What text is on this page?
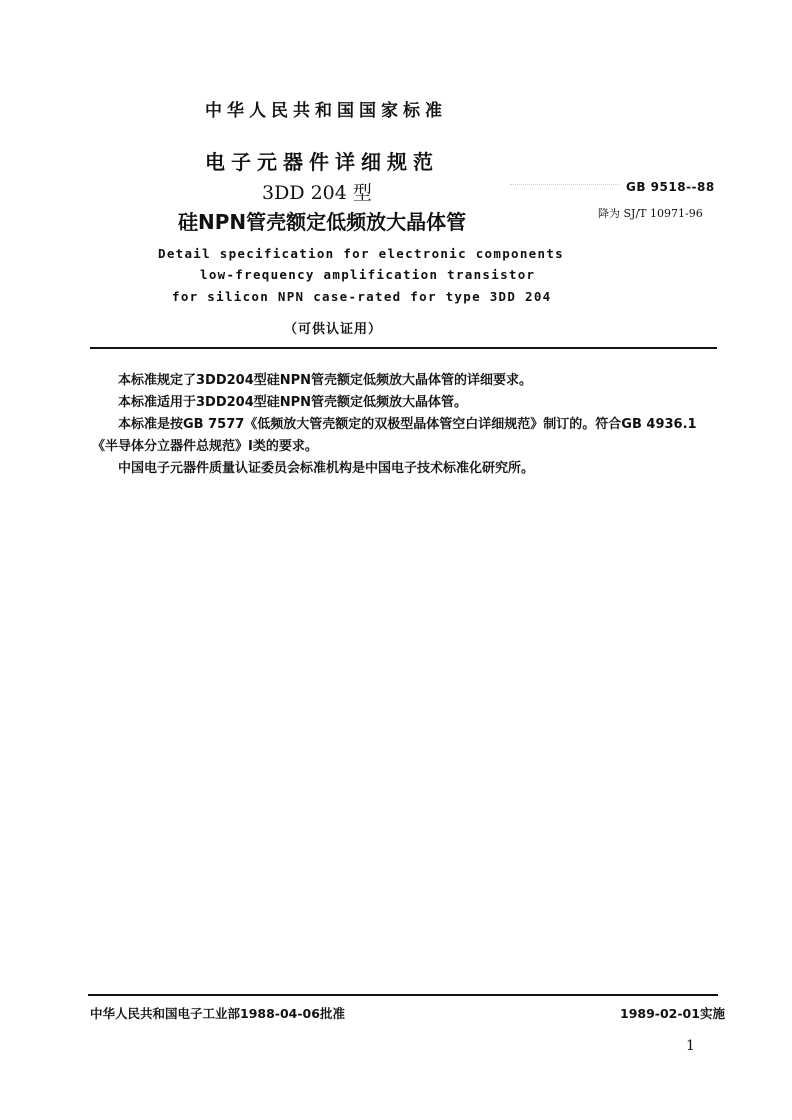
中华人民共和国国家标准
电子元器件详细规范
3DD 204 型
硅NPN管壳额定低频放大晶体管
GB 9518--88
降为 SJ/T 10971-96
Detail specification for electronic components
low-frequency amplification transistor
for silicon NPN case-rated for type 3DD 204
（可供认证用）

本标准规定了3DD204型硅NPN管壳额定低频放大晶体管的详细要求。

本标准适用于3DD204型硅NPN管壳额定低频放大晶体管。

本标准是按GB 7577《低频放大管壳额定的双极型晶体管空白详细规范》制订的。符合GB 4936.1

《半导体分立器件总规范》Ⅰ类的要求。

中国电子元器件质量认证委员会标准机构是中国电子技术标准化研究所。

中华人民共和国电子工业部1988-04-06批准	1989-02-01实施
1
